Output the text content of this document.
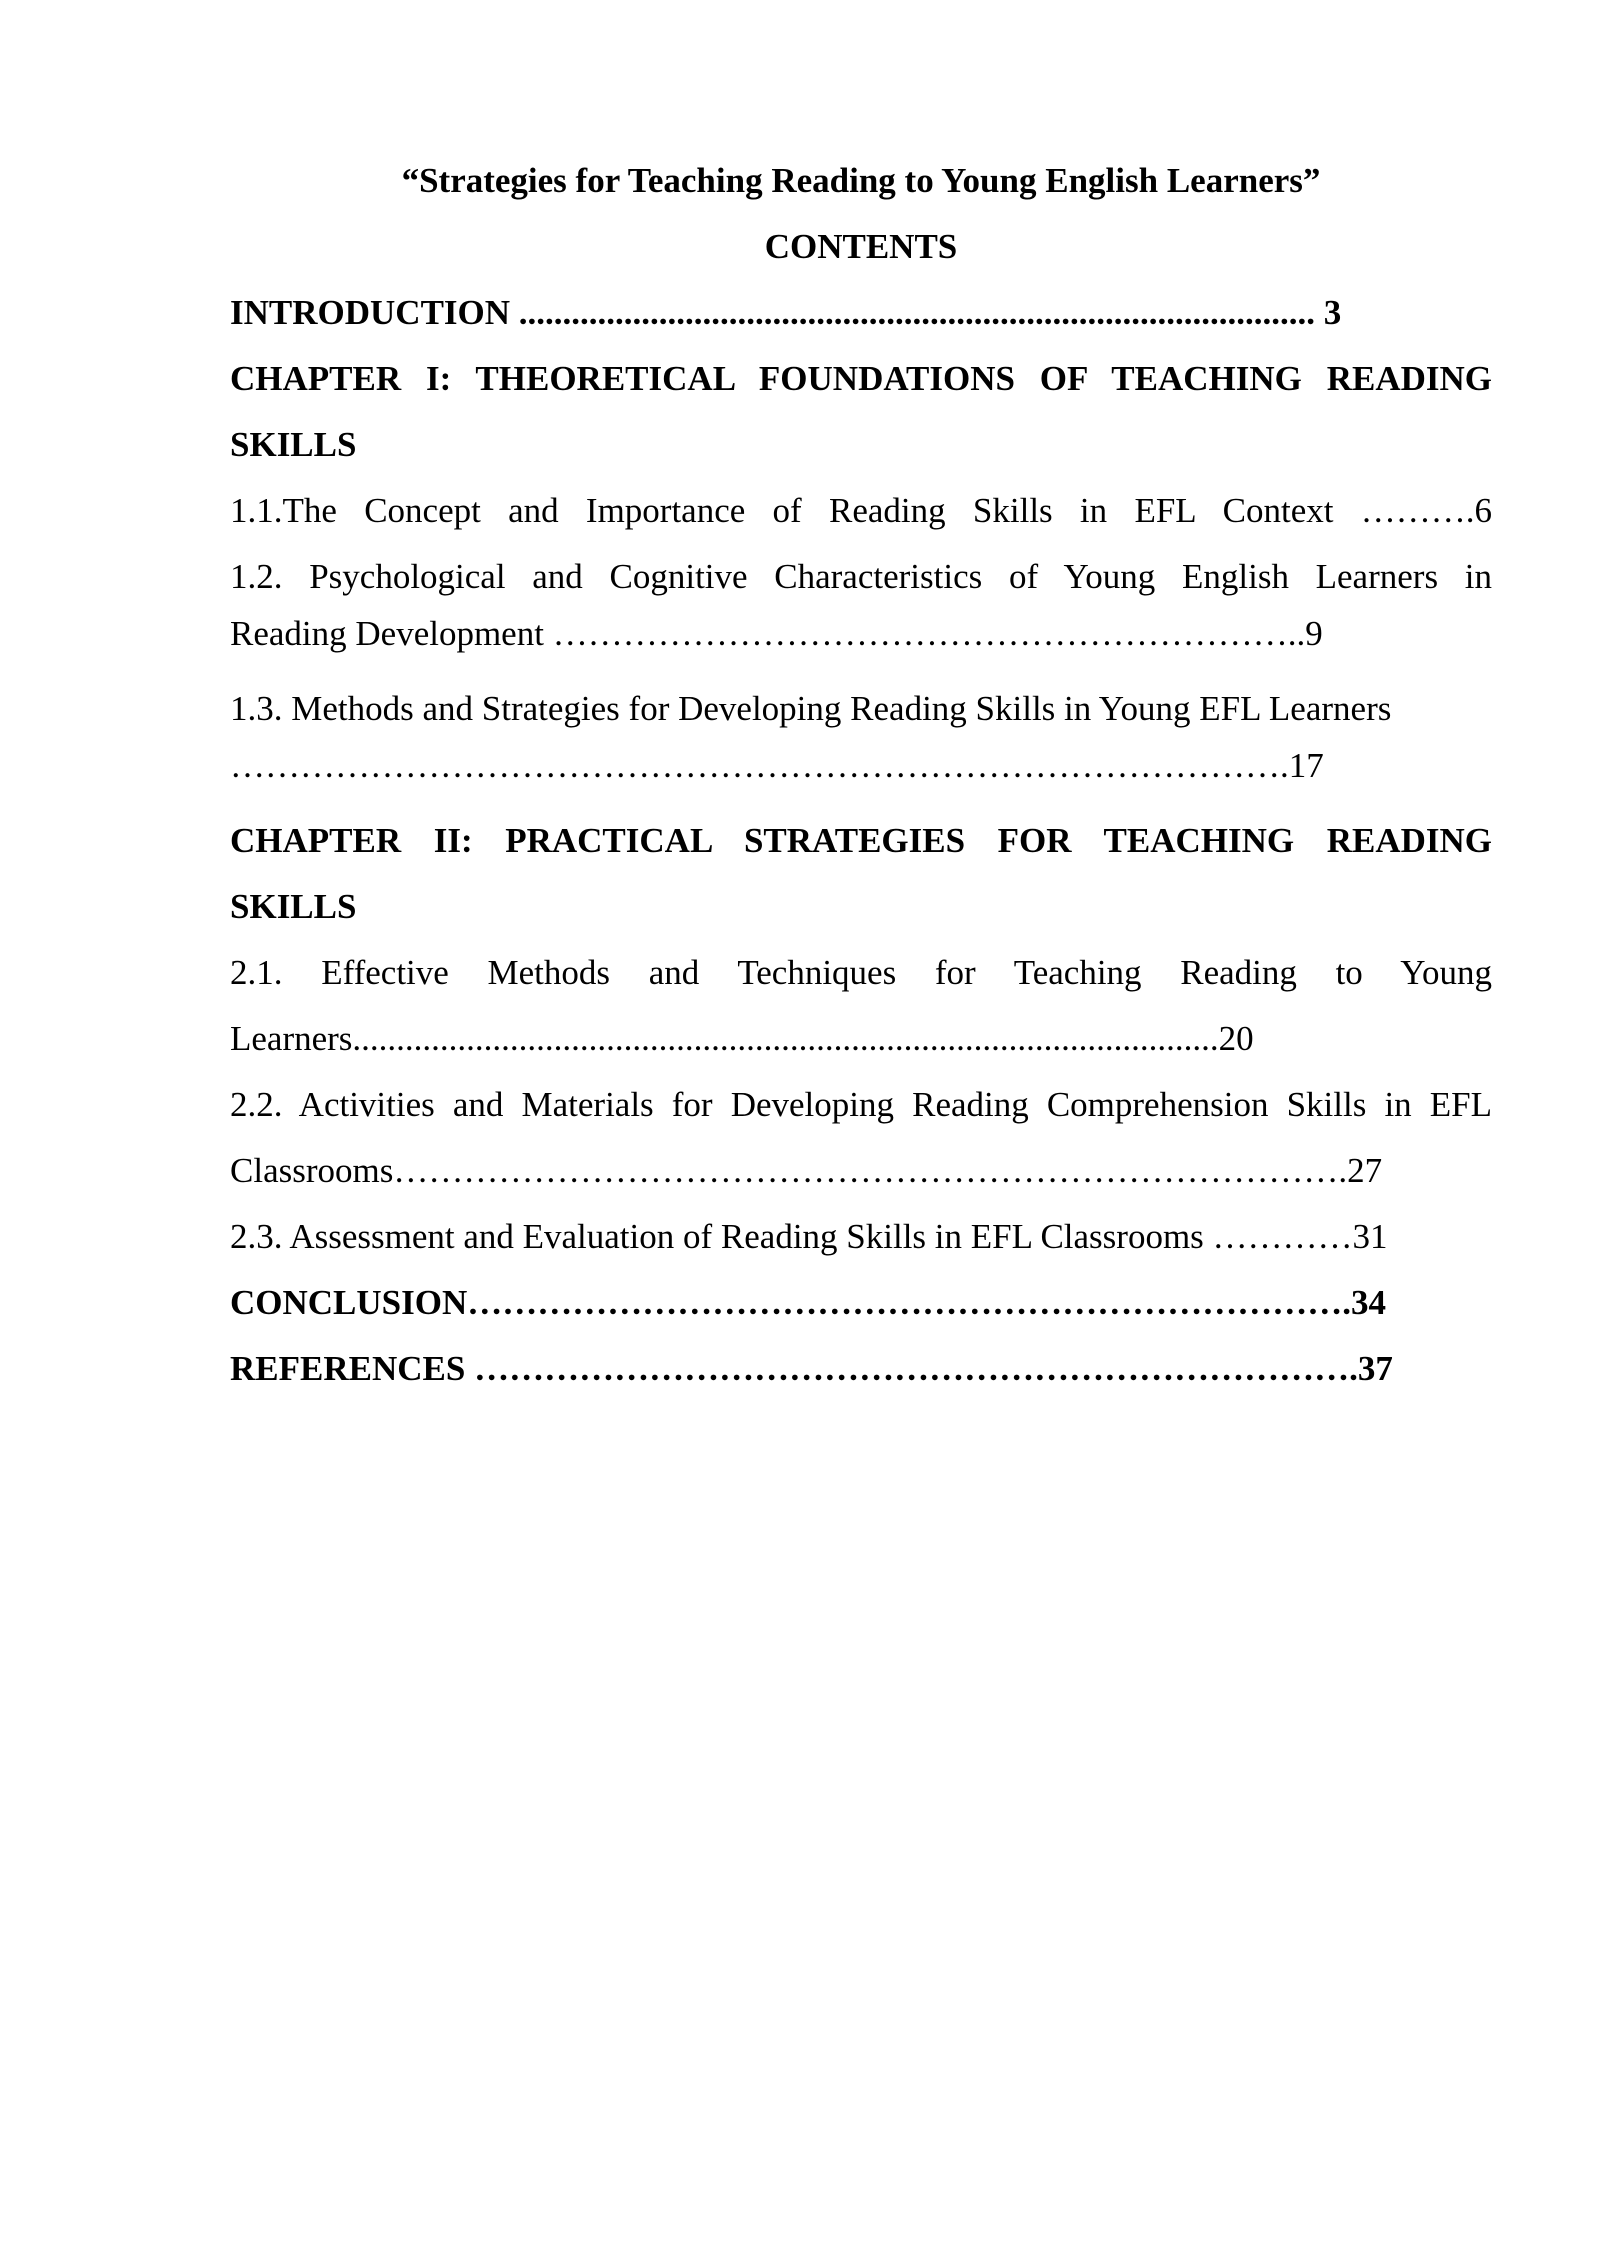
“Strategies for Teaching Reading to Young English Learners”
CONTENTS
INTRODUCTION ........................................................................................... 3
CHAPTER I: THEORETICAL FOUNDATIONS OF TEACHING READING
SKILLS
1.1.The Concept and Importance of Reading Skills in EFL Context ……….6
1.2. Psychological and Cognitive Characteristics of Young English Learners in
Reading Development ………………………………………………………..9
1.3. Methods and Strategies for Developing Reading Skills in Young EFL Learners
……………………………………………………………………………….17
CHAPTER II: PRACTICAL STRATEGIES FOR TEACHING READING
SKILLS
2.1. Effective Methods and Techniques for Teaching Reading to Young
Learners...................................................................................................20
2.2. Activities and Materials for Developing Reading Comprehension Skills in EFL
Classrooms……………………………………………………………………….27
2.3. Assessment and Evaluation of Reading Skills in EFL Classrooms …………31
CONCLUSION………………………………………………………………….34
REFERENCES ………………………………………………………………….37
